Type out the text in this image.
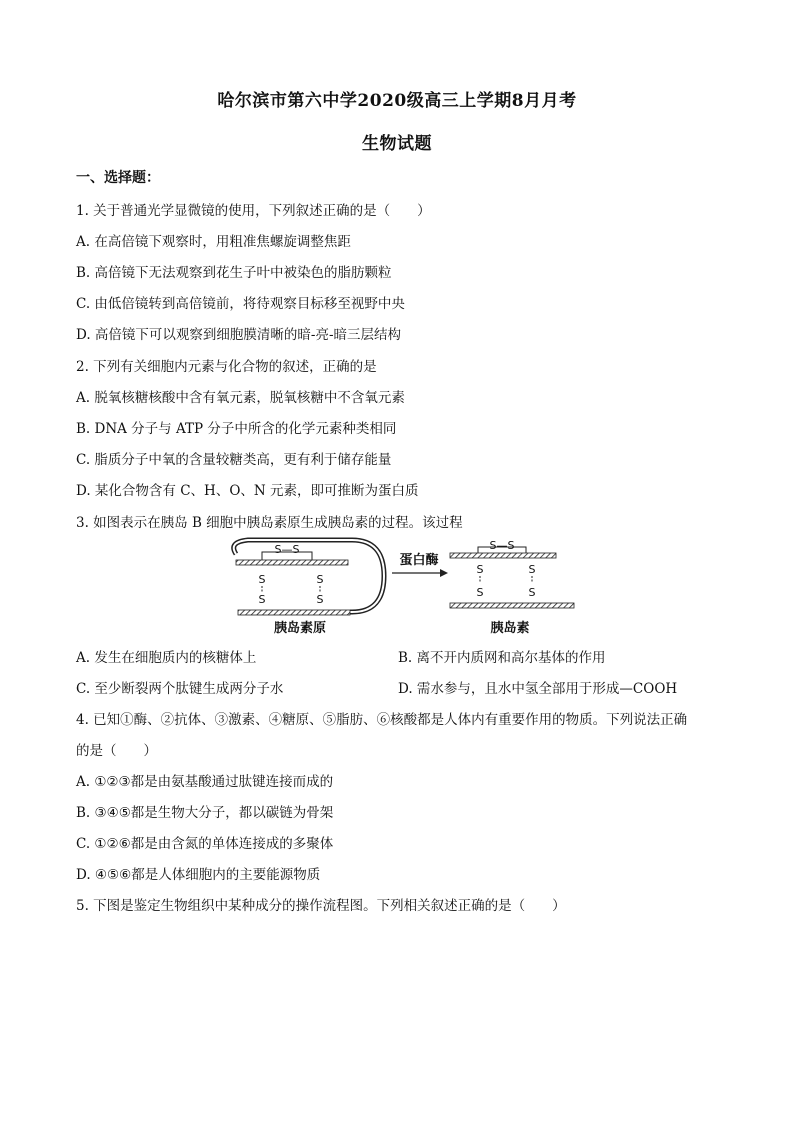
哈尔滨市第六中学2020级高三上学期8月月考
生物试题
一、选择题：
1. 关于普通光学显微镜的使用，下列叙述正确的是（　　）
A. 在高倍镜下观察时，用粗准焦螺旋调整焦距
B. 高倍镜下无法观察到花生子叶中被染色的脂肪颗粒
C. 由低倍镜转到高倍镜前，将待观察目标移至视野中央
D. 高倍镜下可以观察到细胞膜清晰的暗-亮-暗三层结构
2. 下列有关细胞内元素与化合物的叙述，正确的是
A. 脱氧核糖核酸中含有氧元素，脱氧核糖中不含氧元素
B. DNA 分子与 ATP 分子中所含的化学元素种类相同
C. 脂质分子中氧的含量较糖类高，更有利于储存能量
D. 某化合物含有 C、H、O、N 元素，即可推断为蛋白质
3. 如图表示在胰岛 B 细胞中胰岛素原生成胰岛素的过程。该过程
S—S
S
S
S
S
胰岛素原
蛋白酶
S—S
S
S
S
S
胰岛素
A. 发生在细胞质内的核糖体上	B. 离不开内质网和高尔基体的作用
C. 至少断裂两个肽键生成两分子水	D. 需水参与，且水中氢全部用于形成—COOH
4. 已知①酶、②抗体、③激素、④糖原、⑤脂肪、⑥核酸都是人体内有重要作用的物质。下列说法正确
的是（　　）
A. ①②③都是由氨基酸通过肽键连接而成的
B. ③④⑤都是生物大分子，都以碳链为骨架
C. ①②⑥都是由含氮的单体连接成的多聚体
D. ④⑤⑥都是人体细胞内的主要能源物质
5. 下图是鉴定生物组织中某种成分的操作流程图。下列相关叙述正确的是（　　）
